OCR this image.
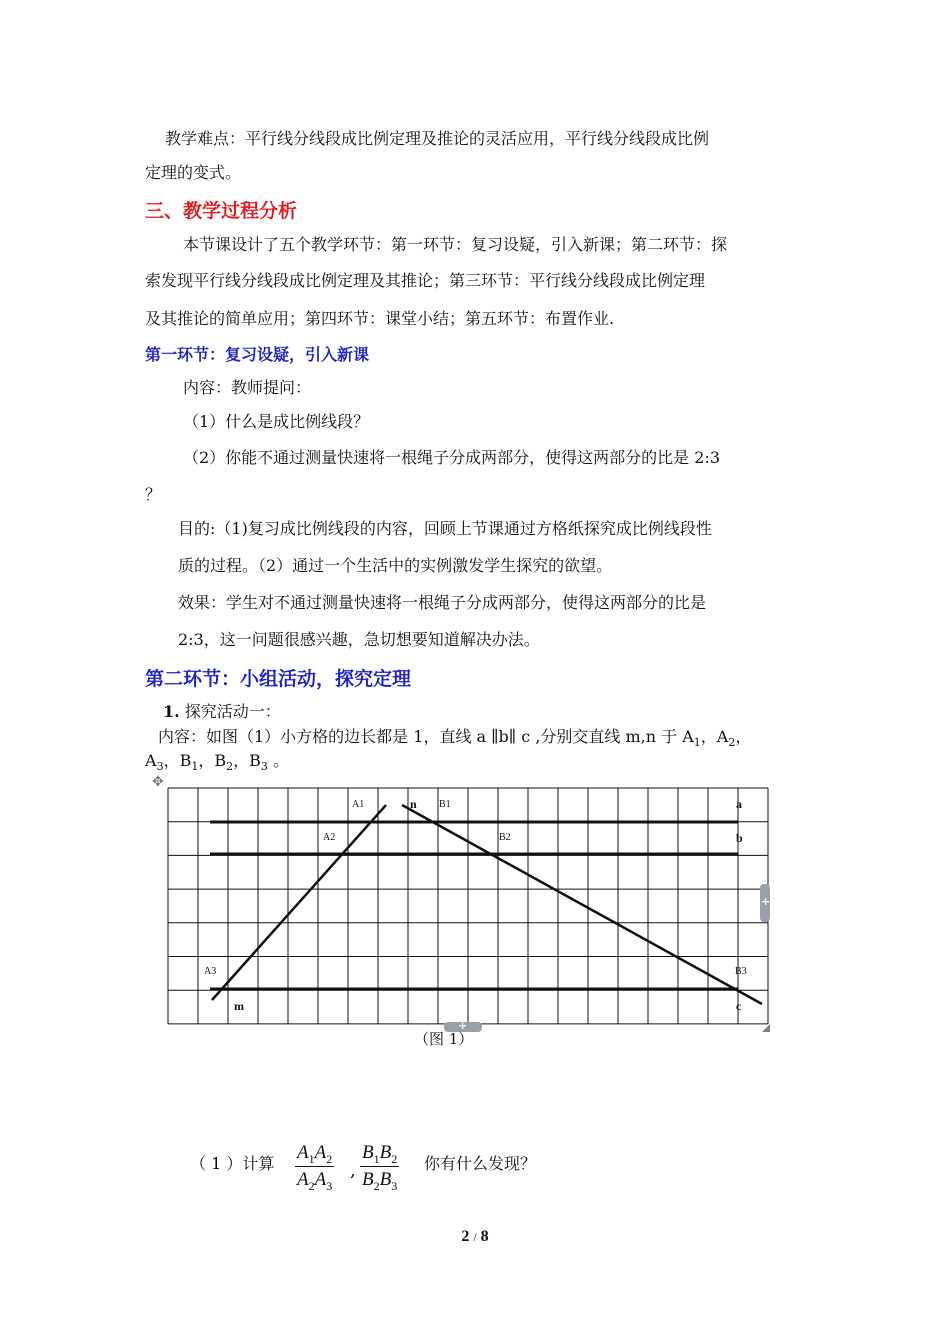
教学难点：平行线分线段成比例定理及推论的灵活应用，平行线分线段成比例
定理的变式。
三、教学过程分析
本节课设计了五个教学环节：第一环节：复习设疑，引入新课；第二环节：探
索发现平行线分线段成比例定理及其推论；第三环节：平行线分线段成比例定理
及其推论的简单应用；第四环节：课堂小结；第五环节：布置作业.
第一环节：复习设疑，引入新课
内容：教师提问：
（1）什么是成比例线段？
（2）你能不通过测量快速将一根绳子分成两部分，使得这两部分的比是 2:3
？
目的:（1)复习成比例线段的内容，回顾上节课通过方格纸探究成比例线段性
质的过程。（2）通过一个生活中的实例激发学生探究的欲望。
效果：学生对不通过测量快速将一根绳子分成两部分，使得这两部分的比是
2:3，这一问题很感兴趣，急切想要知道解决办法。
第二环节：小组活动，探究定理
1. 探究活动一：
内容：如图（1）小方格的边长都是 1，直线 a ∥b∥ c ,分别交直线 m,n 于 $A_1$，$A_2$，
$A_3$，$B_1$，$B_2$，$B_3$ 。
✥
A1
A2
A3
B1
B2
B3
a
b
c
m
n
+
+
（图 1）
（ 1 ）计算
$A_1A_2$
$A_2A_3$
,
$B_1B_2$
$B_2B_3$
你有什么发现？
2 / 8
